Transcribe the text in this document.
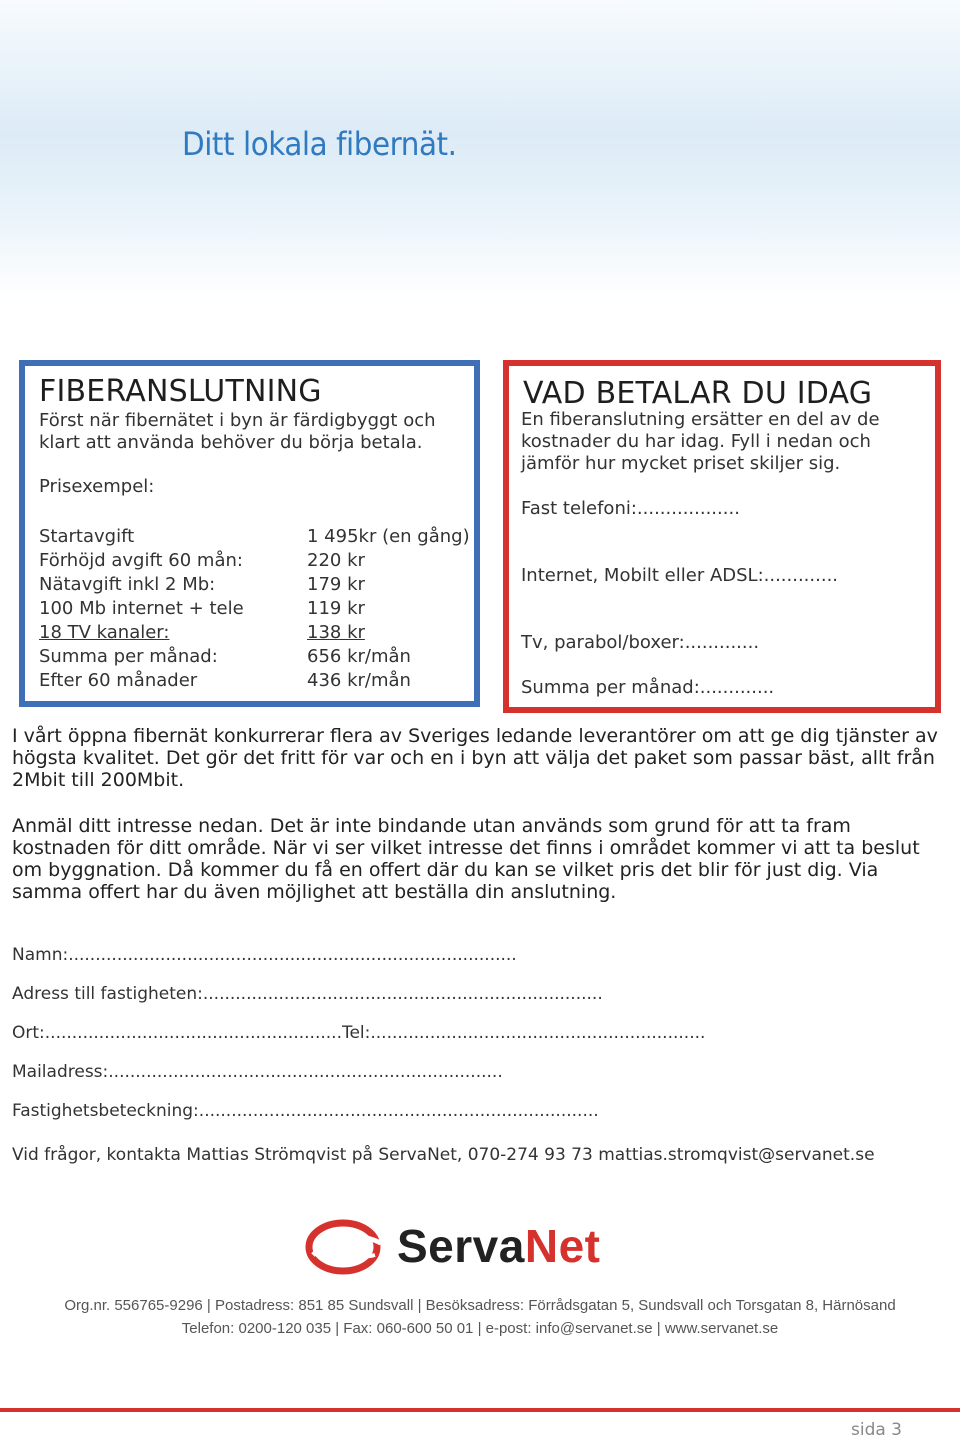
Ditt lokala fibernät.
FIBERANSLUTNING
Först när fibernätet i byn är färdigbyggt och klart att använda behöver du börja betala.
Prisexempel:
Startavgift	1 495kr (en gång)
Förhöjd avgift 60 mån:	220 kr
Nätavgift inkl 2 Mb:	179 kr
100 Mb internet + tele	119 kr
18 TV kanaler:	138 kr
Summa per månad:	656 kr/mån
Efter 60 månader	436 kr/mån
VAD BETALAR DU IDAG
En fiberanslutning ersätter en del av de kostnader du har idag. Fyll i nedan och jämför hur mycket priset skiljer sig.
Fast telefoni:..................
Internet, Mobilt eller ADSL:.............
Tv, parabol/boxer:.............
Summa per månad:.............
I vårt öppna fibernät konkurrerar flera av Sveriges ledande leverantörer om att ge dig tjänster av högsta kvalitet. Det gör det fritt för var och en i byn att välja det paket som passar bäst, allt från 2Mbit till 200Mbit.
Anmäl ditt intresse nedan. Det är inte bindande utan används som grund för att ta fram kostnaden för ditt område. När vi ser vilket intresse det finns i området kommer vi att ta beslut om byggnation. Då kommer du få en offert där du kan se vilket pris det blir för just dig. Via samma offert har du även möjlighet att beställa din anslutning.
Namn:...................................................................................
Adress till fastigheten:..........................................................................
Ort:.......................................................Tel:..............................................................
Mailadress:.........................................................................
Fastighetsbeteckning:..........................................................................
Vid frågor, kontakta Mattias Strömqvist på ServaNet, 070-274 93 73 mattias.stromqvist@servanet.se
ServaNet
Org.nr. 556765-9296 | Postadress: 851 85 Sundsvall | Besöksadress: Förrådsgatan 5, Sundsvall och Torsgatan 8, Härnösand
Telefon: 0200-120 035 | Fax: 060-600 50 01 | e-post: info@servanet.se | www.servanet.se
sida 3
